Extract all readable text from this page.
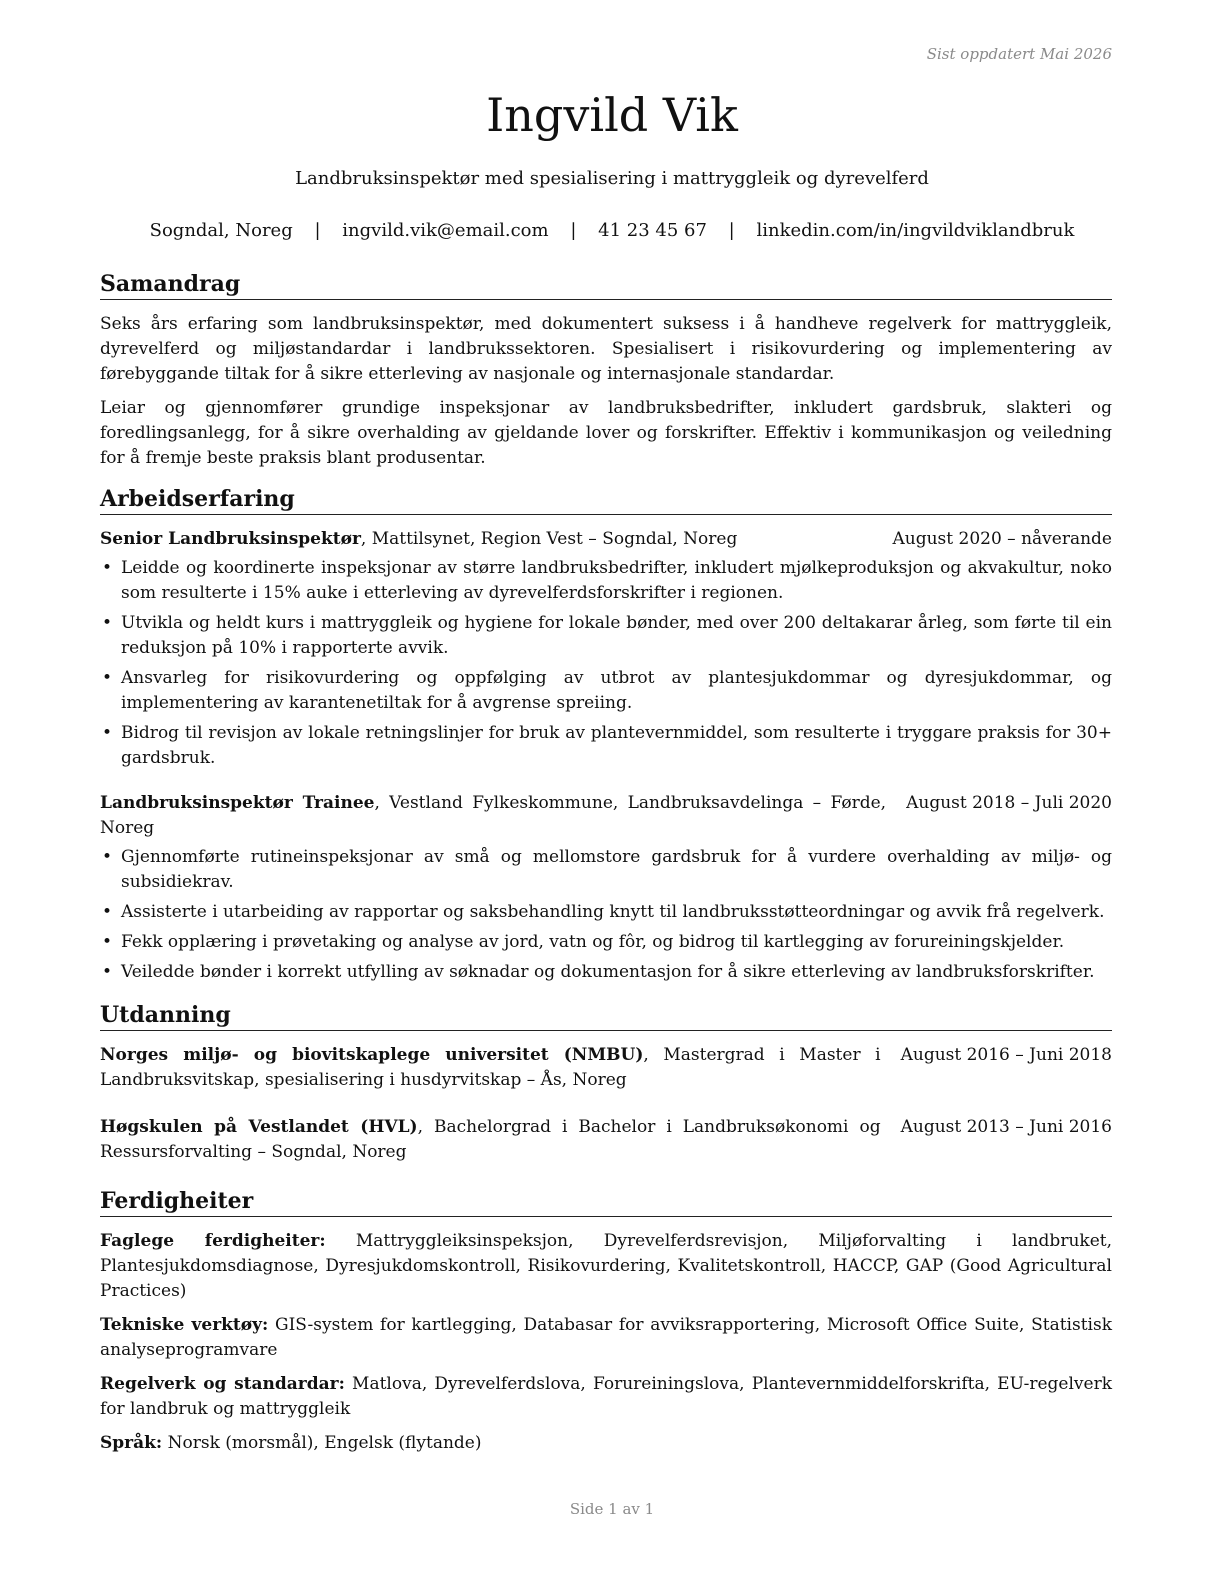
Sist oppdatert Mai 2026
Ingvild Vik
Landbruksinspektør med spesialisering i mattryggleik og dyrevelferd
Sogndal, Noreg | ingvild.vik@email.com | 41 23 45 67 | linkedin.com/in/ingvildviklandbruk
Samandrag

Seks års erfaring som landbruksinspektør, med dokumentert suksess i å handheve regelverk for mattryggleik, dyrevelferd og miljøstandardar i landbrukssektoren. Spesialisert i risikovurdering og implementering av førebyggande tiltak for å sikre etterleving av nasjonale og internasjonale standardar.

Leiar og gjennomfører grundige inspeksjonar av landbruksbedrifter, inkludert gardsbruk, slakteri og foredlingsanlegg, for å sikre overhalding av gjeldande lover og forskrifter. Effektiv i kommunikasjon og veiledning for å fremje beste praksis blant produsentar.

Arbeidserfaring
Senior Landbruksinspektør, Mattilsynet, Region Vest – Sogndal, Noreg	August 2020 – nåverande
• Leidde og koordinerte inspeksjonar av større landbruksbedrifter, inkludert mjølkeproduksjon og akvakultur, noko som resulterte i 15% auke i etterleving av dyrevelferdsforskrifter i regionen.
• Utvikla og heldt kurs i mattryggleik og hygiene for lokale bønder, med over 200 deltakarar årleg, som førte til ein reduksjon på 10% i rapporterte avvik.
• Ansvarleg for risikovurdering og oppfølging av utbrot av plantesjukdommar og dyresjukdommar, og implementering av karantenetiltak for å avgrense spreiing.
• Bidrog til revisjon av lokale retningslinjer for bruk av plantevernmiddel, som resulterte i tryggare praksis for 30+ gardsbruk.
Landbruksinspektør Trainee, Vestland Fylkeskommune, Landbruksavdelinga – Førde, Noreg
August 2018 – Juli 2020
• Gjennomførte rutineinspeksjonar av små og mellomstore gardsbruk for å vurdere overhalding av miljø- og subsidiekrav.
• Assisterte i utarbeiding av rapportar og saksbehandling knytt til landbruksstøtteordningar og avvik frå regelverk.
• Fekk opplæring i prøvetaking og analyse av jord, vatn og fôr, og bidrog til kartlegging av forureiningskjelder.
• Veiledde bønder i korrekt utfylling av søknadar og dokumentasjon for å sikre etterleving av landbruksforskrifter.
Utdanning
Norges miljø- og biovitskaplege universitet (NMBU), Mastergrad i Master i Landbruksvitskap, spesialisering i husdyrvitskap – Ås, Noreg
August 2016 – Juni 2018
Høgskulen på Vestlandet (HVL), Bachelorgrad i Bachelor i Landbruksøkonomi og Ressursforvalting – Sogndal, Noreg
August 2013 – Juni 2016
Ferdigheiter

Faglege ferdigheiter: Mattryggleiksinspeksjon, Dyrevelferdsrevisjon, Miljøforvalting i landbruket, Plantesjukdomsdiagnose, Dyresjukdomskontroll, Risikovurdering, Kvalitetskontroll, HACCP, GAP (Good Agricultural Practices)

Tekniske verktøy: GIS-system for kartlegging, Databasar for avviksrapportering, Microsoft Office Suite, Statistisk analyseprogramvare

Regelverk og standardar: Matlova, Dyrevelferdslova, Forureiningslova, Plantevernmiddelforskrifta, EU-regelverk for landbruk og mattryggleik

Språk: Norsk (morsmål), Engelsk (flytande)

Side 1 av 1
